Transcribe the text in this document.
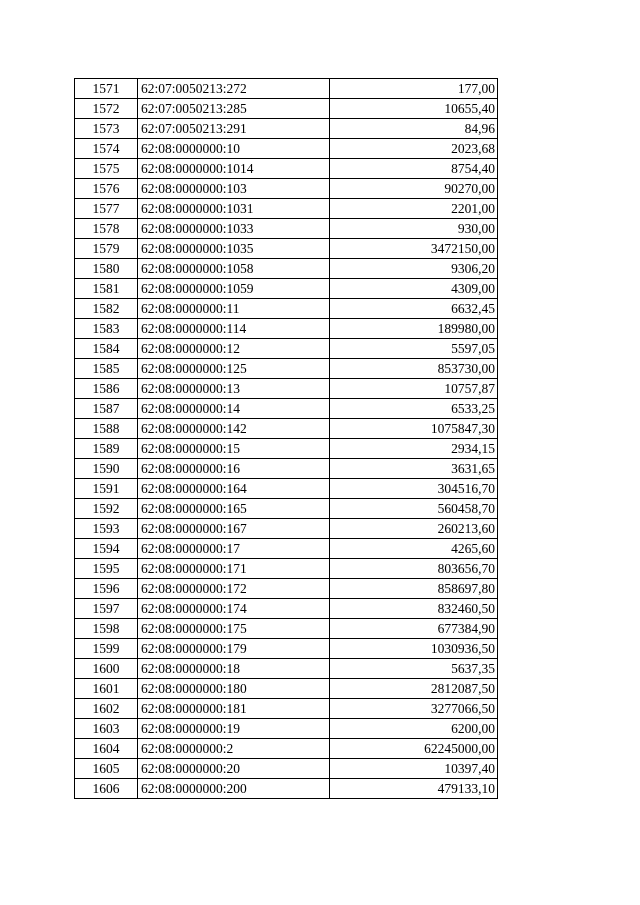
1571	62:07:0050213:272	177,00
1572	62:07:0050213:285	10655,40
1573	62:07:0050213:291	84,96
1574	62:08:0000000:10	2023,68
1575	62:08:0000000:1014	8754,40
1576	62:08:0000000:103	90270,00
1577	62:08:0000000:1031	2201,00
1578	62:08:0000000:1033	930,00
1579	62:08:0000000:1035	3472150,00
1580	62:08:0000000:1058	9306,20
1581	62:08:0000000:1059	4309,00
1582	62:08:0000000:11	6632,45
1583	62:08:0000000:114	189980,00
1584	62:08:0000000:12	5597,05
1585	62:08:0000000:125	853730,00
1586	62:08:0000000:13	10757,87
1587	62:08:0000000:14	6533,25
1588	62:08:0000000:142	1075847,30
1589	62:08:0000000:15	2934,15
1590	62:08:0000000:16	3631,65
1591	62:08:0000000:164	304516,70
1592	62:08:0000000:165	560458,70
1593	62:08:0000000:167	260213,60
1594	62:08:0000000:17	4265,60
1595	62:08:0000000:171	803656,70
1596	62:08:0000000:172	858697,80
1597	62:08:0000000:174	832460,50
1598	62:08:0000000:175	677384,90
1599	62:08:0000000:179	1030936,50
1600	62:08:0000000:18	5637,35
1601	62:08:0000000:180	2812087,50
1602	62:08:0000000:181	3277066,50
1603	62:08:0000000:19	6200,00
1604	62:08:0000000:2	62245000,00
1605	62:08:0000000:20	10397,40
1606	62:08:0000000:200	479133,10
